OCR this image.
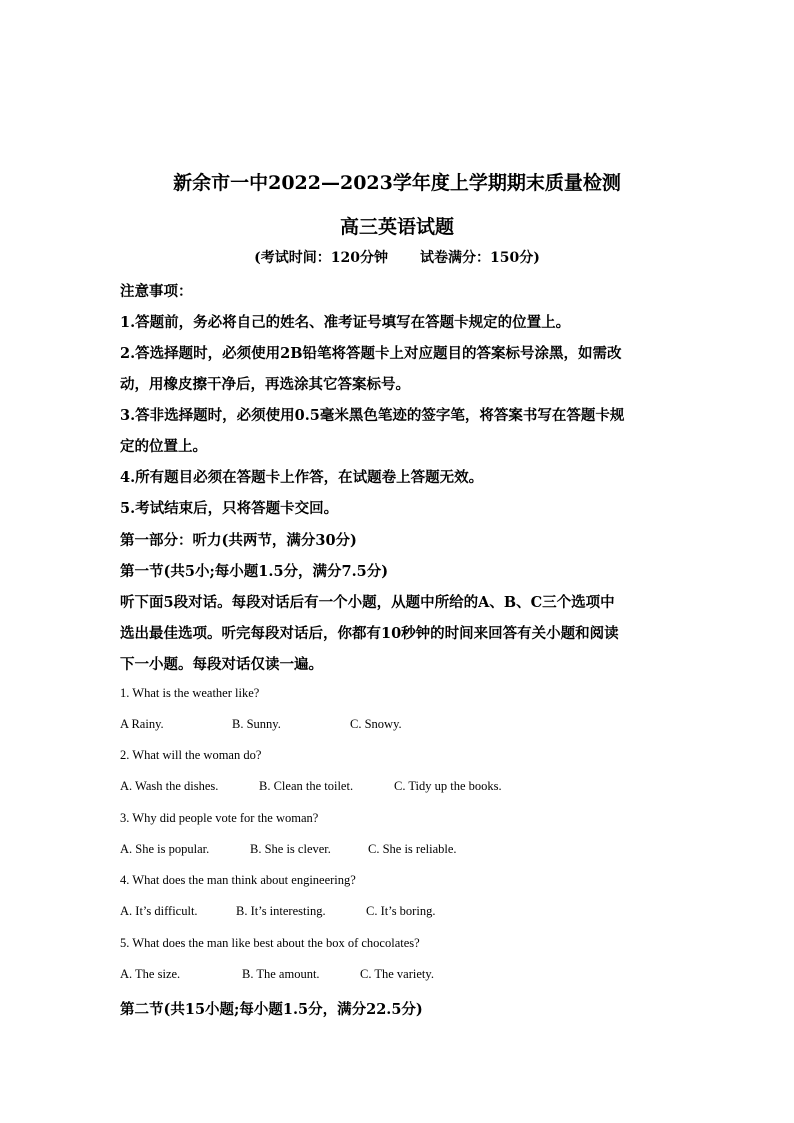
新余市一中2022—2023学年度上学期期末质量检测
高三英语试题
(考试时间：120分钟 试卷满分：150分)
注意事项：
1.答题前，务必将自己的姓名、准考证号填写在答题卡规定的位置上。
2.答选择题时，必须使用2B铅笔将答题卡上对应题目的答案标号涂黑，如需改
动，用橡皮擦干净后，再选涂其它答案标号。
3.答非选择题时，必须使用0.5毫米黑色笔迹的签字笔，将答案书写在答题卡规
定的位置上。
4.所有题目必须在答题卡上作答，在试题卷上答题无效。
5.考试结束后，只将答题卡交回。
第一部分：听力(共两节，满分30分)
第一节(共5小;每小题1.5分，满分7.5分)
听下面5段对话。每段对话后有一个小题，从题中所给的A、B、C三个选项中
选出最佳选项。听完每段对话后，你都有10秒钟的时间来回答有关小题和阅读
下一小题。每段对话仅读一遍。
1. What is the weather like?
A Rainy.	B. Sunny.	C. Snowy.
2. What will the woman do?
A. Wash the dishes.	B. Clean the toilet.	C. Tidy up the books.
3. Why did people vote for the woman?
A. She is popular.	B. She is clever.	C. She is reliable.
4. What does the man think about engineering?
A. It’s difficult.	B. It’s interesting.	C. It’s boring.
5. What does the man like best about the box of chocolates?
A. The size.	B. The amount.	C. The variety.
第二节(共15小题;每小题1.5分，满分22.5分)
